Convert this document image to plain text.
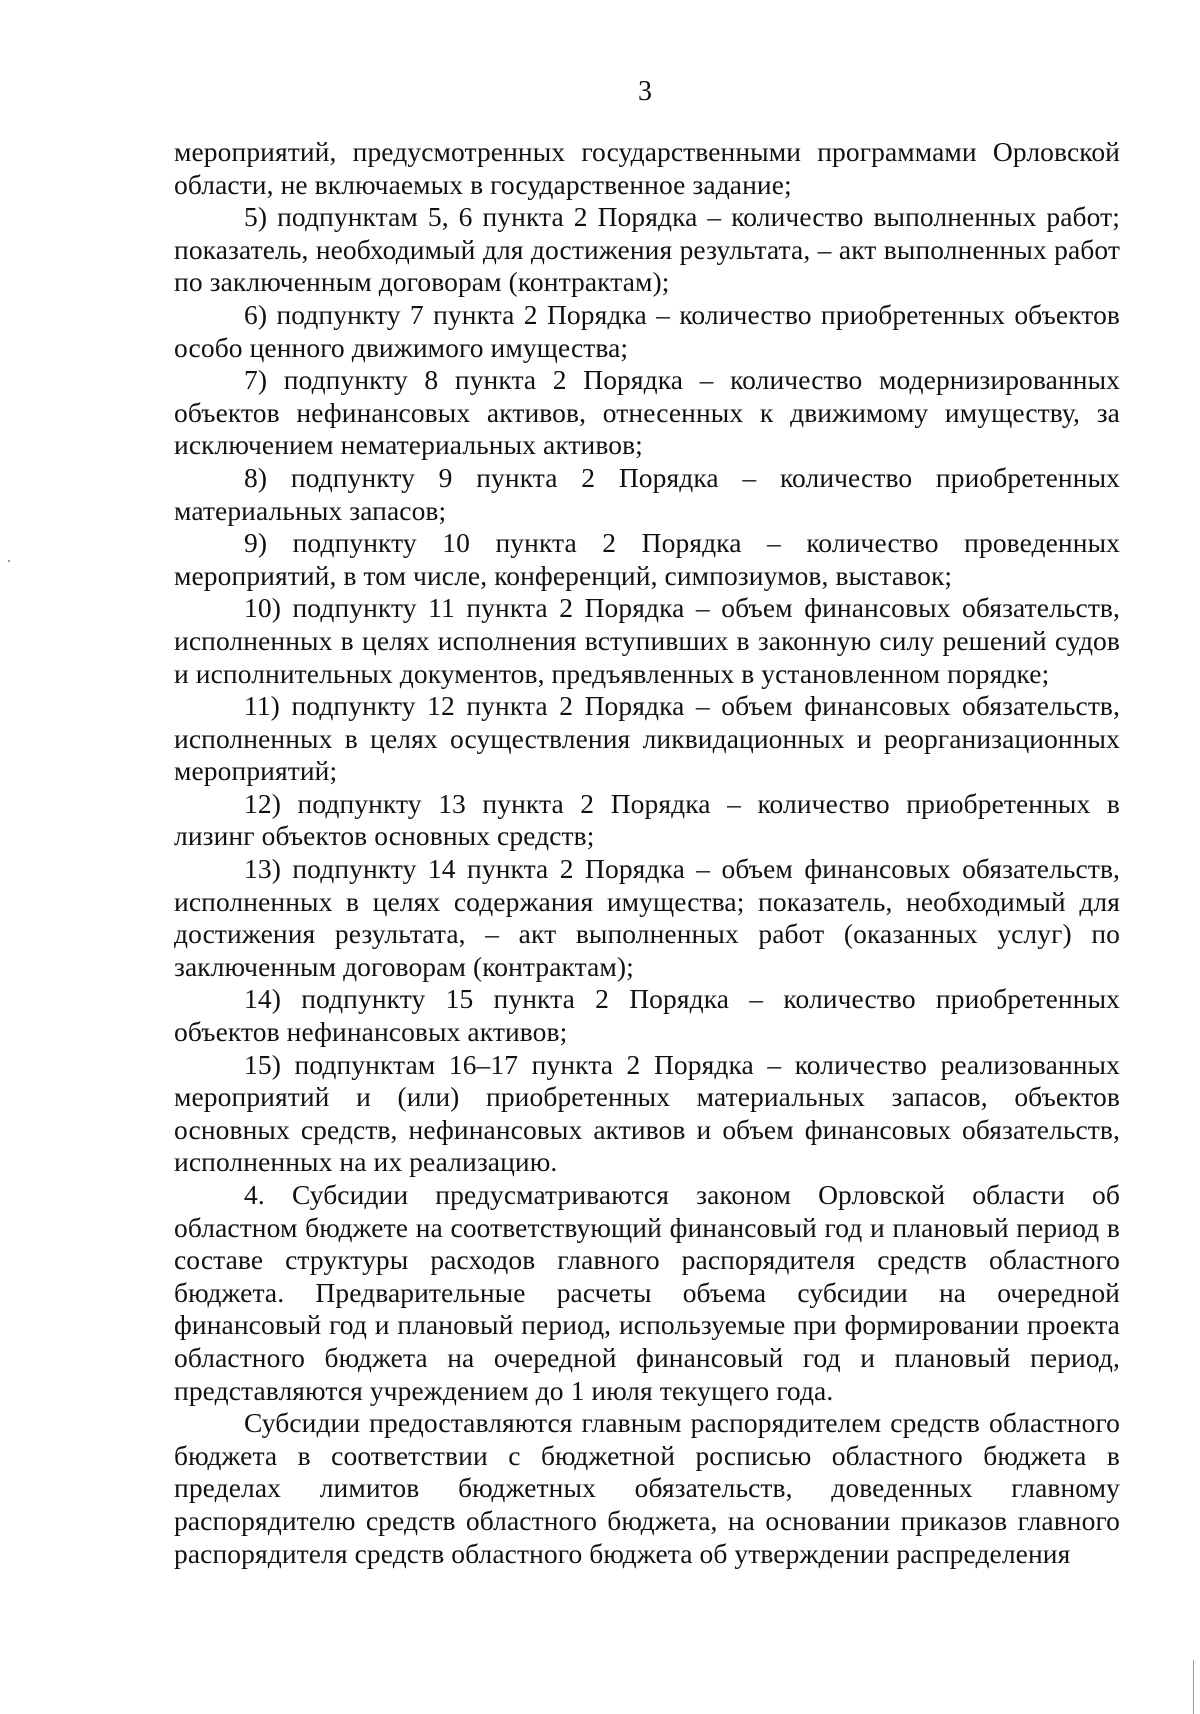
3

мероприятий, предусмотренных государственными программами Орловской области, не включаемых в государственное задание;

5) подпунктам 5, 6 пункта 2 Порядка – количество выполненных работ; показатель, необходимый для достижения результата, – акт выполненных работ по заключенным договорам (контрактам);

6) подпункту 7 пункта 2 Порядка – количество приобретенных объектов особо ценного движимого имущества;

7) подпункту 8 пункта 2 Порядка – количество модернизированных объектов нефинансовых активов, отнесенных к движимому имуществу, за исключением нематериальных активов;

8) подпункту 9 пункта 2 Порядка – количество приобретенных материальных запасов;

9) подпункту 10 пункта 2 Порядка – количество проведенных мероприятий, в том числе, конференций, симпозиумов, выставок;

10) подпункту 11 пункта 2 Порядка – объем финансовых обязательств, исполненных в целях исполнения вступивших в законную силу решений судов и исполнительных документов, предъявленных в установленном порядке;

11) подпункту 12 пункта 2 Порядка – объем финансовых обязательств, исполненных в целях осуществления ликвидационных и реорганизационных мероприятий;

12) подпункту 13 пункта 2 Порядка – количество приобретенных в лизинг объектов основных средств;

13) подпункту 14 пункта 2 Порядка – объем финансовых обязательств, исполненных в целях содержания имущества; показатель, необходимый для достижения результата, – акт выполненных работ (оказанных услуг) по заключенным договорам (контрактам);

14) подпункту 15 пункта 2 Порядка – количество приобретенных объектов нефинансовых активов;

15) подпунктам 16–17 пункта 2 Порядка – количество реализованных мероприятий и (или) приобретенных материальных запасов, объектов основных средств, нефинансовых активов и объем финансовых обязательств, исполненных на их реализацию.

4. Субсидии предусматриваются законом Орловской области об областном бюджете на соответствующий финансовый год и плановый период в составе структуры расходов главного распорядителя средств областного бюджета. Предварительные расчеты объема субсидии на очередной финансовый год и плановый период, используемые при формировании проекта областного бюджета на очередной финансовый год и плановый период, представляются учреждением до 1 июля текущего года.

Субсидии предоставляются главным распорядителем средств областного бюджета в соответствии с бюджетной росписью областного бюджета в пределах лимитов бюджетных обязательств, доведенных главному распорядителю средств областного бюджета, на основании приказов главного распорядителя средств областного бюджета об утверждении распределения
